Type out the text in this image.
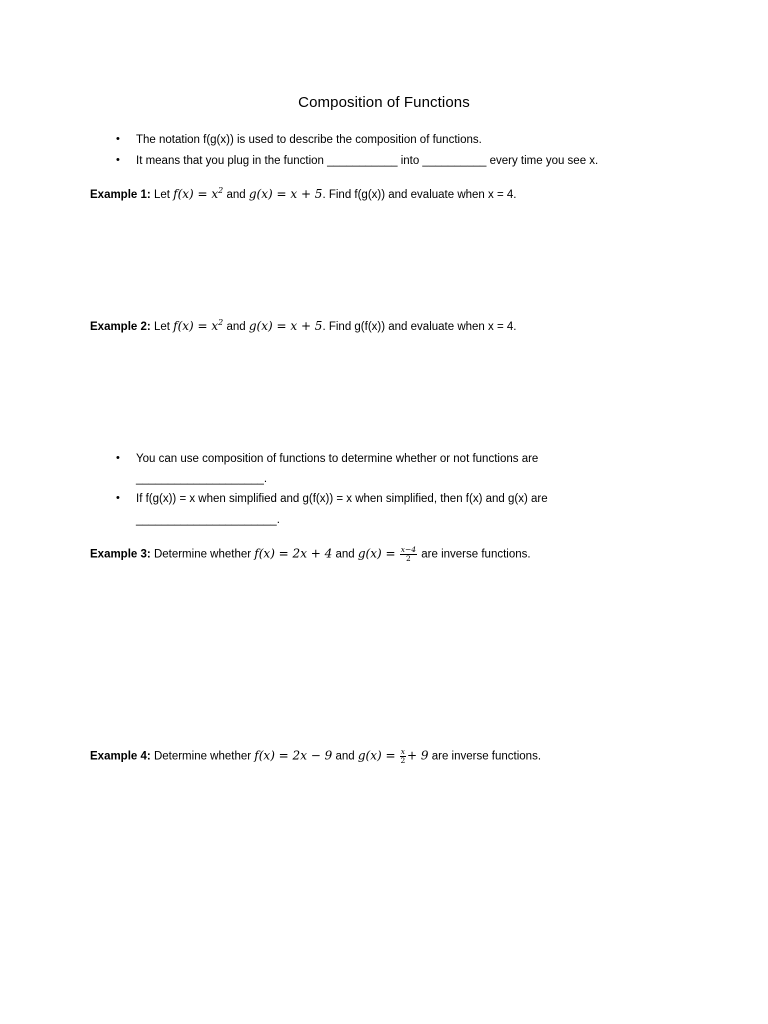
Composition of Functions
• The notation f(g(x)) is used to describe the composition of functions.
• It means that you plug in the function ___________ into __________ every time you see x.
Example 1: Let $f(x) = x^2$ and g(x) = x + 5. Find f(g(x)) and evaluate when x = 4.
Example 2: Let $f(x) = x^2$ and g(x) = x + 5. Find g(f(x)) and evaluate when x = 4.
• You can use composition of functions to determine whether or not functions are
____________________.
• If f(g(x)) = x when simplified and g(f(x)) = x when simplified, then f(x) and g(x) are
______________________.
Example 3: Determine whether f(x) = 2x + 4 and $g(x) = \frac{x-4}{2}$ are inverse functions.
Example 4: Determine whether f(x) = 2x − 9 and $g(x) = \frac{x}{2} + 9$ are inverse functions.
